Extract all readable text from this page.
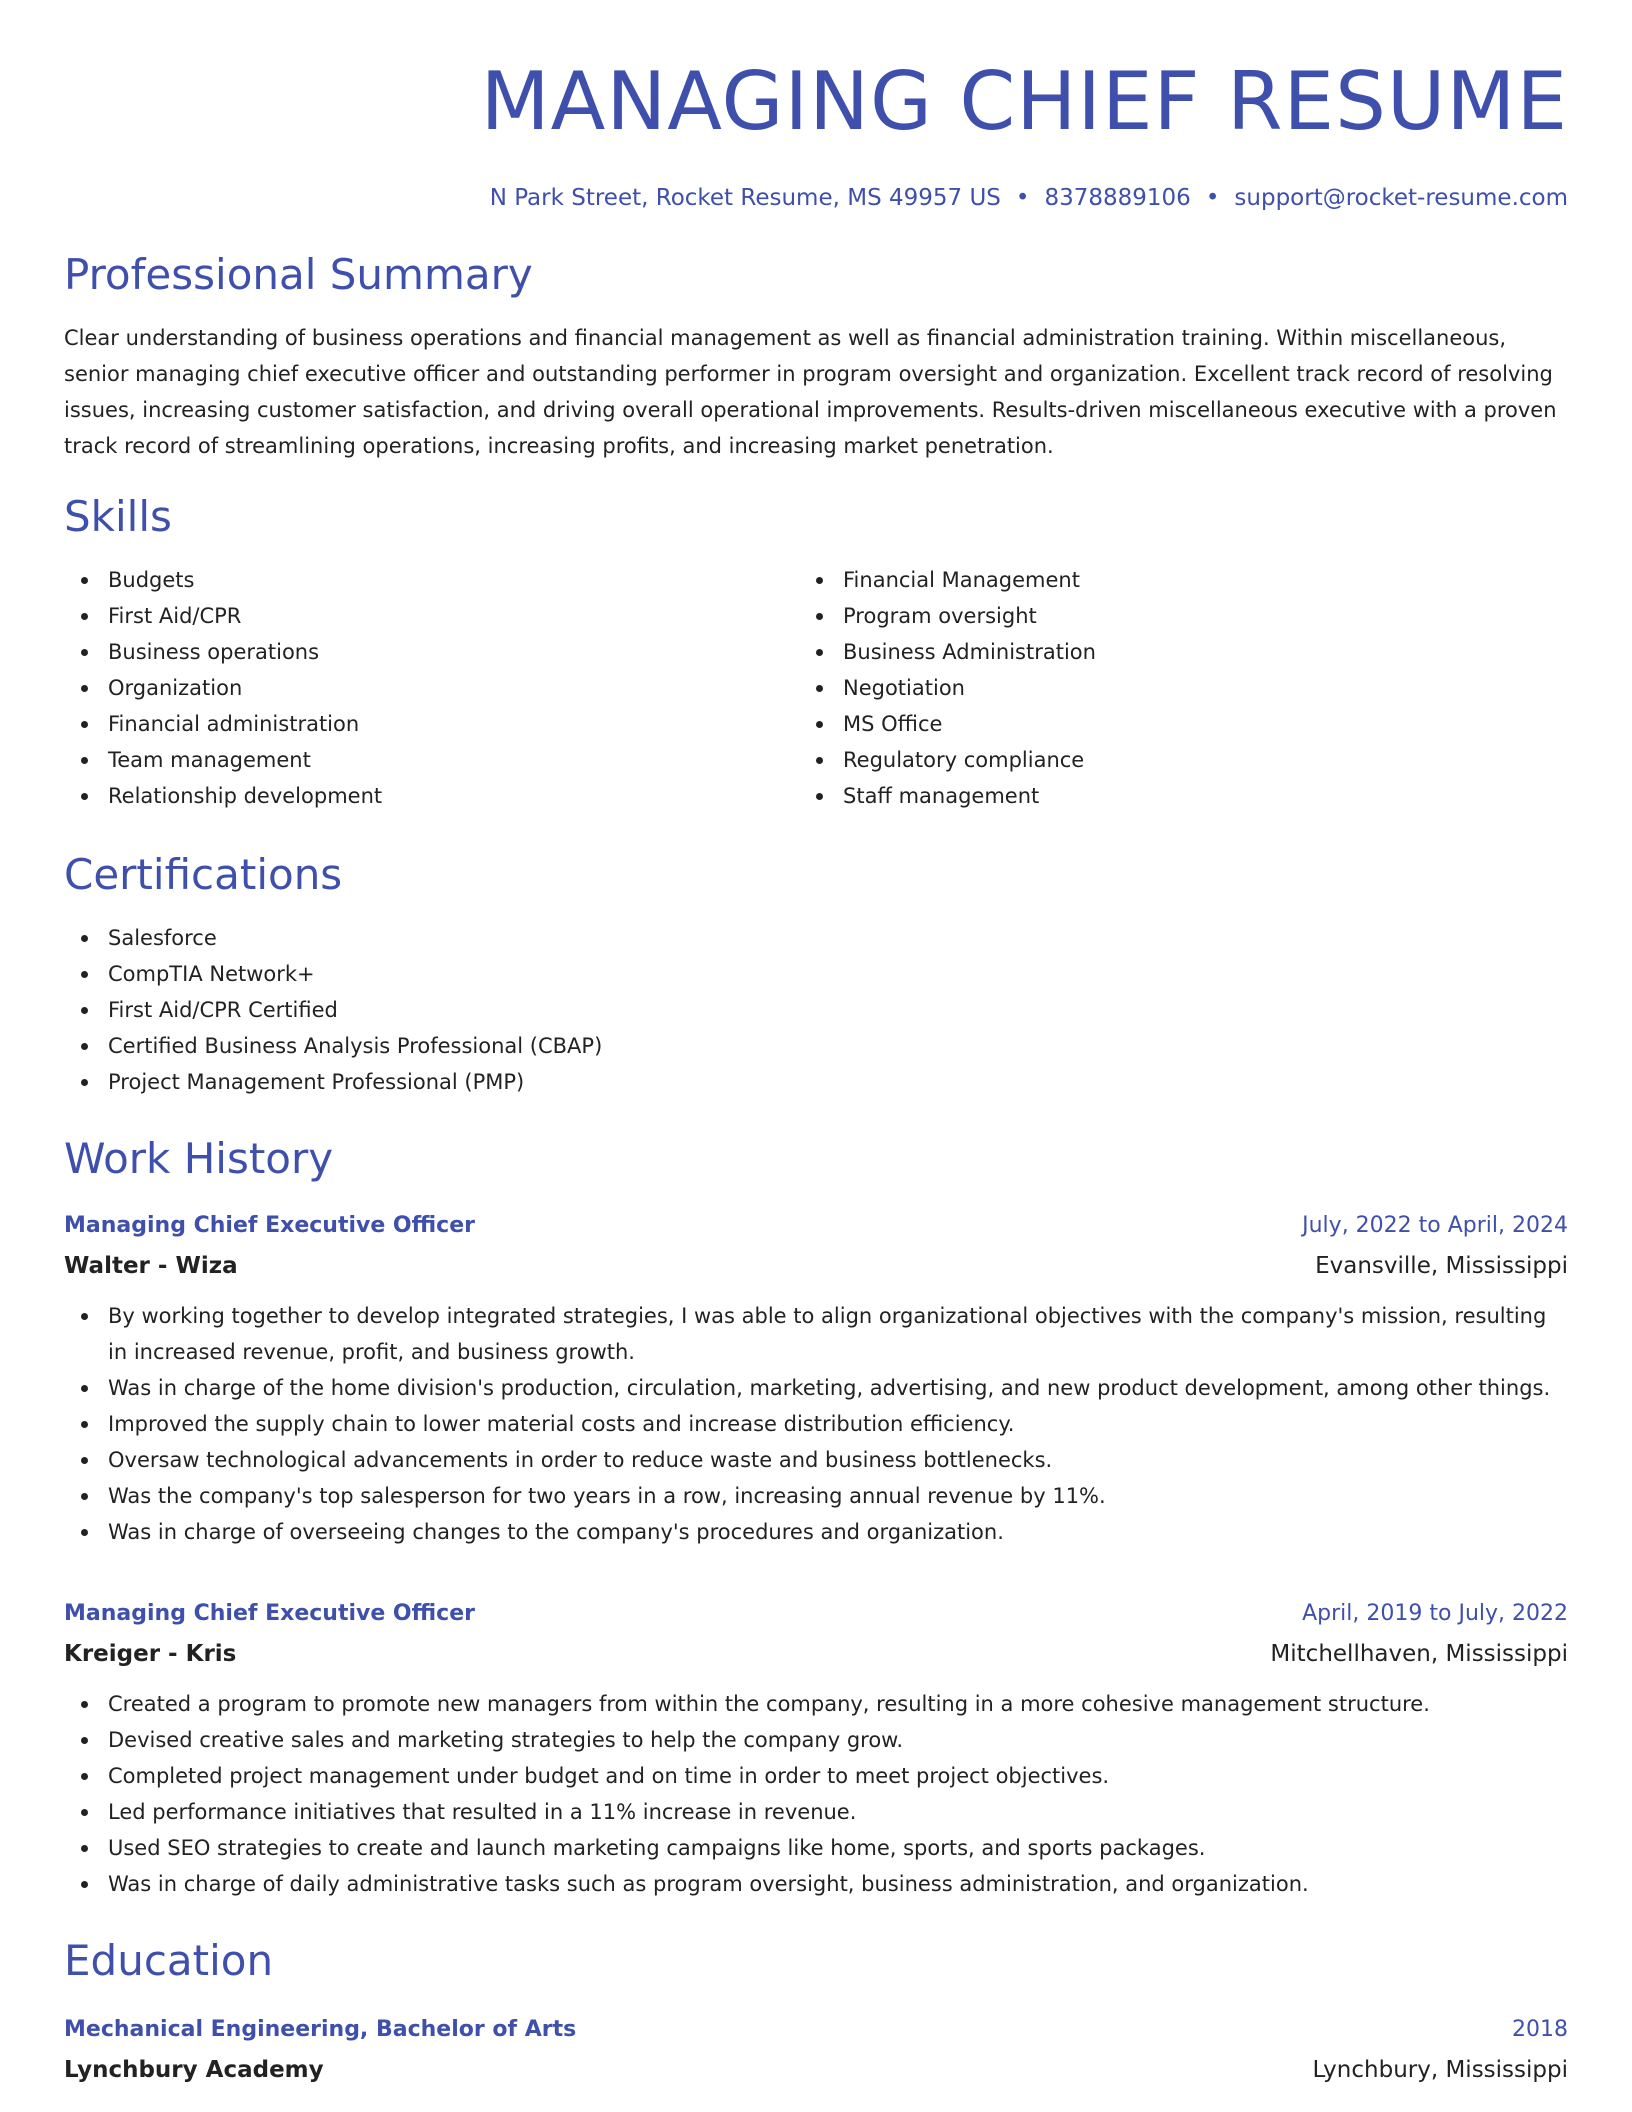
MANAGING CHIEF RESUME
N Park Street, Rocket Resume, MS 49957 US • 8378889106 • support@rocket-resume.com
Professional Summary

Clear understanding of business operations and financial management as well as financial administration training. Within miscellaneous, senior managing chief executive officer and outstanding performer in program oversight and organization. Excellent track record of resolving issues, increasing customer satisfaction, and driving overall operational improvements. Results-driven miscellaneous executive with a proven track record of streamlining operations, increasing profits, and increasing market penetration.

Skills
Budgets
First Aid/CPR
Business operations
Organization
Financial administration
Team management
Relationship development
Financial Management
Program oversight
Business Administration
Negotiation
MS Office
Regulatory compliance
Staff management
Certifications
Salesforce
CompTIA Network+
First Aid/CPR Certified
Certified Business Analysis Professional (CBAP)
Project Management Professional (PMP)
Work History
Managing Chief Executive Officer	July, 2022 to April, 2024
Walter - Wiza	Evansville, Mississippi
By working together to develop integrated strategies, I was able to align organizational objectives with the company's mission, resulting in increased revenue, profit, and business growth.
Was in charge of the home division's production, circulation, marketing, advertising, and new product development, among other things.
Improved the supply chain to lower material costs and increase distribution efficiency.
Oversaw technological advancements in order to reduce waste and business bottlenecks.
Was the company's top salesperson for two years in a row, increasing annual revenue by 11%.
Was in charge of overseeing changes to the company's procedures and organization.
Managing Chief Executive Officer	April, 2019 to July, 2022
Kreiger - Kris	Mitchellhaven, Mississippi
Created a program to promote new managers from within the company, resulting in a more cohesive management structure.
Devised creative sales and marketing strategies to help the company grow.
Completed project management under budget and on time in order to meet project objectives.
Led performance initiatives that resulted in a 11% increase in revenue.
Used SEO strategies to create and launch marketing campaigns like home, sports, and sports packages.
Was in charge of daily administrative tasks such as program oversight, business administration, and organization.
Education
Mechanical Engineering, Bachelor of Arts	2018
Lynchbury Academy	Lynchbury, Mississippi
